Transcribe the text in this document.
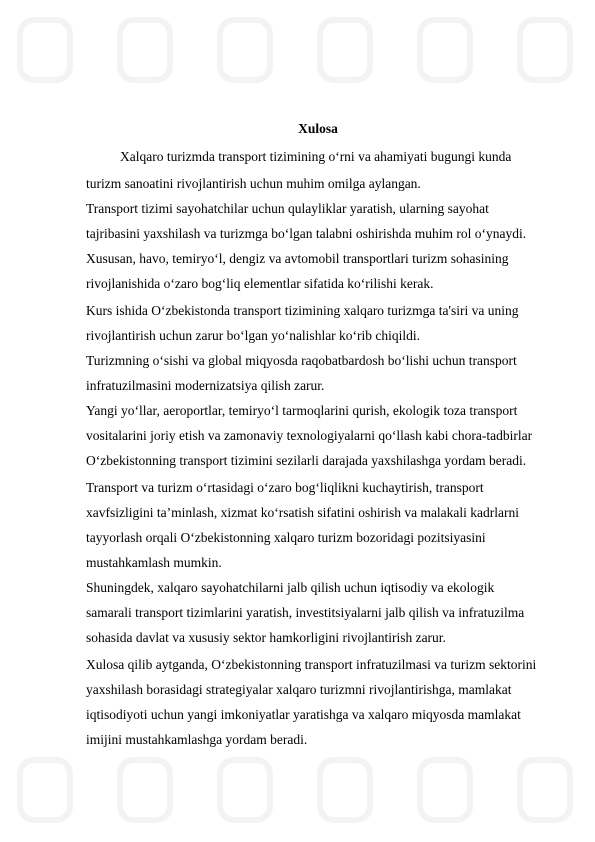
Xulosa
Xalqaro turizmda transport tizimining o‘rni va ahamiyati bugungi kunda
turizm sanoatini rivojlantirish uchun muhim omilga aylangan.
Transport tizimi sayohatchilar uchun qulayliklar yaratish, ularning sayohat
tajribasini yaxshilash va turizmga bo‘lgan talabni oshirishda muhim rol o‘ynaydi.
Xususan, havo, temiryo‘l, dengiz va avtomobil transportlari turizm sohasining
rivojlanishida o‘zaro bog‘liq elementlar sifatida ko‘rilishi kerak.
Kurs ishida O‘zbekistonda transport tizimining xalqaro turizmga ta'siri va uning
rivojlantirish uchun zarur bo‘lgan yo‘nalishlar ko‘rib chiqildi.
Turizmning o‘sishi va global miqyosda raqobatbardosh bo‘lishi uchun transport
infratuzilmasini modernizatsiya qilish zarur.
Yangi yo‘llar, aeroportlar, temiryo‘l tarmoqlarini qurish, ekologik toza transport
vositalarini joriy etish va zamonaviy texnologiyalarni qo‘llash kabi chora-tadbirlar
O‘zbekistonning transport tizimini sezilarli darajada yaxshilashga yordam beradi.
Transport va turizm o‘rtasidagi o‘zaro bog‘liqlikni kuchaytirish, transport
xavfsizligini ta’minlash, xizmat ko‘rsatish sifatini oshirish va malakali kadrlarni
tayyorlash orqali O‘zbekistonning xalqaro turizm bozoridagi pozitsiyasini
mustahkamlash mumkin.
Shuningdek, xalqaro sayohatchilarni jalb qilish uchun iqtisodiy va ekologik
samarali transport tizimlarini yaratish, investitsiyalarni jalb qilish va infratuzilma
sohasida davlat va xususiy sektor hamkorligini rivojlantirish zarur.
Xulosa qilib aytganda, O‘zbekistonning transport infratuzilmasi va turizm sektorini
yaxshilash borasidagi strategiyalar xalqaro turizmni rivojlantirishga, mamlakat
iqtisodiyoti uchun yangi imkoniyatlar yaratishga va xalqaro miqyosda mamlakat
imijini mustahkamlashga yordam beradi.
